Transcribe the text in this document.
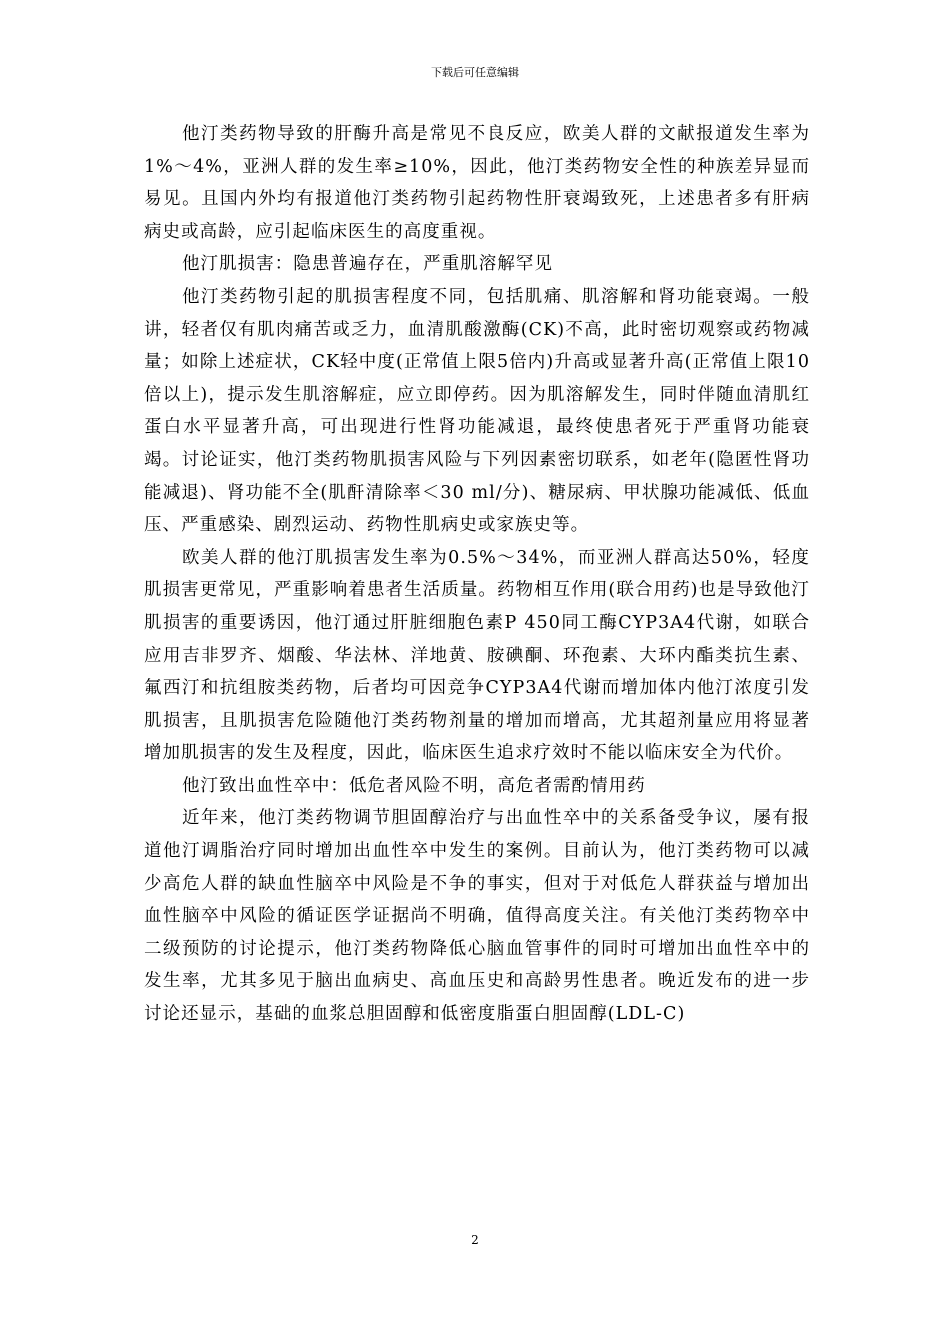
下载后可任意编辑

他汀类药物导致的肝酶升高是常见不良反应，欧美人群的文献报道发生率为1%～4%，亚洲人群的发生率≥10%，因此，他汀类药物安全性的种族差异显而易见。且国内外均有报道他汀类药物引起药物性肝衰竭致死，上述患者多有肝病病史或高龄，应引起临床医生的高度重视。

他汀肌损害：隐患普遍存在，严重肌溶解罕见

他汀类药物引起的肌损害程度不同，包括肌痛、肌溶解和肾功能衰竭。一般讲，轻者仅有肌肉痛苦或乏力，血清肌酸激酶(CK)不高，此时密切观察或药物减量；如除上述症状，CK轻中度(正常值上限5倍内)升高或显著升高(正常值上限10倍以上)，提示发生肌溶解症，应立即停药。因为肌溶解发生，同时伴随血清肌红蛋白水平显著升高，可出现进行性肾功能减退，最终使患者死于严重肾功能衰竭。讨论证实，他汀类药物肌损害风险与下列因素密切联系，如老年(隐匿性肾功能减退)、肾功能不全(肌酐清除率＜30 ml/分)、糖尿病、甲状腺功能减低、低血压、严重感染、剧烈运动、药物性肌病史或家族史等。

欧美人群的他汀肌损害发生率为0.5%～34%，而亚洲人群高达50%，轻度肌损害更常见，严重影响着患者生活质量。药物相互作用(联合用药)也是导致他汀肌损害的重要诱因，他汀通过肝脏细胞色素P 450同工酶CYP3A4代谢，如联合应用吉非罗齐、烟酸、华法林、洋地黄、胺碘酮、环孢素、大环内酯类抗生素、氟西汀和抗组胺类药物，后者均可因竞争CYP3A4代谢而增加体内他汀浓度引发肌损害，且肌损害危险随他汀类药物剂量的增加而增高，尤其超剂量应用将显著增加肌损害的发生及程度，因此，临床医生追求疗效时不能以临床安全为代价。

他汀致出血性卒中：低危者风险不明，高危者需酌情用药

近年来，他汀类药物调节胆固醇治疗与出血性卒中的关系备受争议，屡有报道他汀调脂治疗同时增加出血性卒中发生的案例。目前认为，他汀类药物可以减少高危人群的缺血性脑卒中风险是不争的事实，但对于对低危人群获益与增加出血性脑卒中风险的循证医学证据尚不明确，值得高度关注。有关他汀类药物卒中二级预防的讨论提示，他汀类药物降低心脑血管事件的同时可增加出血性卒中的发生率，尤其多见于脑出血病史、高血压史和高龄男性患者。晚近发布的进一步讨论还显示，基础的血浆总胆固醇和低密度脂蛋白胆固醇(LDL-C)

2
